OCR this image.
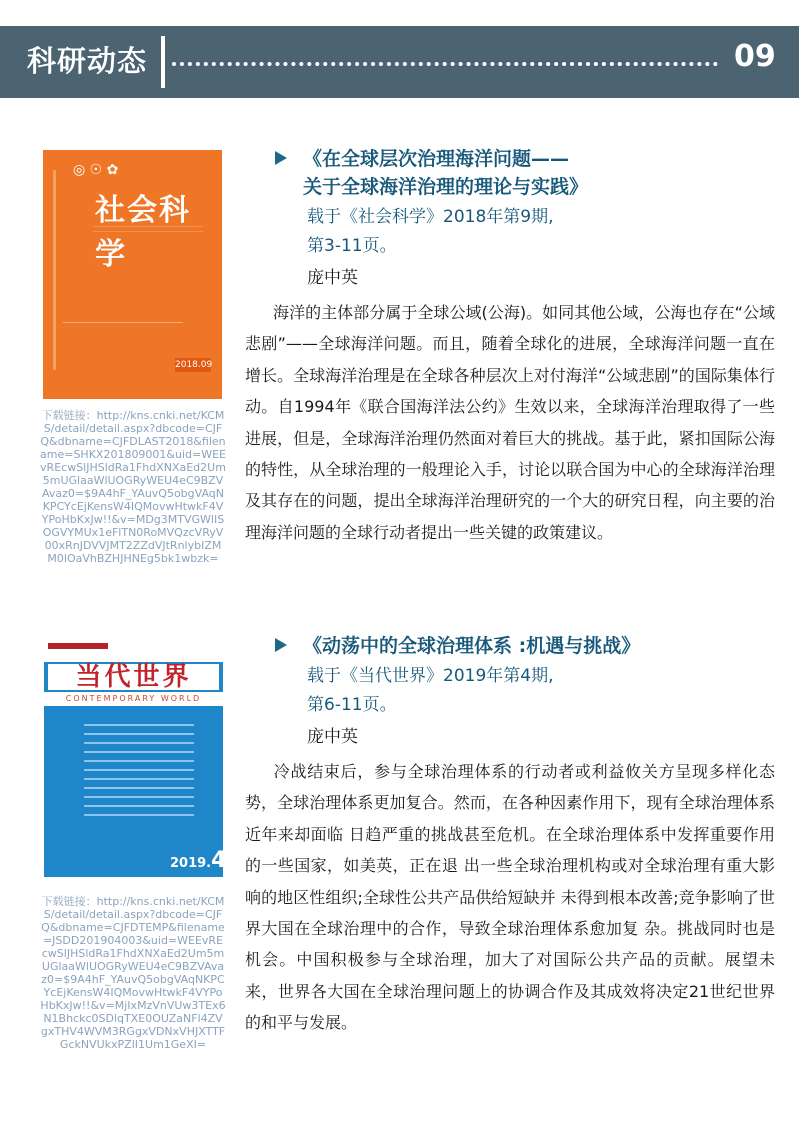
科研动态	09
◎ ☉ ✿
社会科学
2018.09
下载链接：http://kns.cnki.net/KCMS/detail/detail.aspx?dbcode=CJFQ&dbname=CJFDLAST2018&filename=SHKX201809001&uid=WEEvREcwSlJHSldRa1FhdXNXaEd2Um5mUGlaaWlUOGRyWEU4eC9BZVAvaz0=$9A4hF_YAuvQ5obgVAqNKPCYcEjKensW4IQMovwHtwkF4VYPoHbKxJw!!&v=MDg3MTVGWlISOGVYMUx1eFlTN0RoMVQzcVRyV00xRnJDVVJMT2ZZdVJtRnlybIZMM0lOaVhBZHJHNEg5bk1wbzk=
《在全球层次治理海洋问题——
关于全球海洋治理的理论与实践》
载于《社会科学》2018年第9期,
第3-11页。
庞中英
海洋的主体部分属于全球公域(公海)。如同其他公域，公海也存在“公域悲剧”——全球海洋问题。而且，随着全球化的进展，全球海洋问题一直在增长。全球海洋治理是在全球各种层次上对付海洋“公域悲剧”的国际集体行动。自1994年《联合国海洋法公约》生效以来，全球海洋治理取得了一些进展，但是，全球海洋治理仍然面对着巨大的挑战。基于此，紧扣国际公海的特性，从全球治理的一般理论入手，讨论以联合国为中心的全球海洋治理及其存在的问题，提出全球海洋治理研究的一个大的研究日程，向主要的治理海洋问题的全球行动者提出一些关键的政策建议。
当代世界
CONTEMPORARY WORLD
2019.4
下载链接：http://kns.cnki.net/KCMS/detail/detail.aspx?dbcode=CJFQ&dbname=CJFDTEMP&filename=JSDD201904003&uid=WEEvREcwSlJHSldRa1FhdXNXaEd2Um5mUGlaaWlUOGRyWEU4eC9BZVAvaz0=$9A4hF_YAuvQ5obgVAqNKPCYcEjKensW4IQMovwHtwkF4VYPoHbKxJw!!&v=MjIxMzVnVUw3TEx6N1Bhckc0SDlqTXE0OUZaNFl4ZVgxTHV4WVM3RGgxVDNxVHJXTTFGckNVUkxPZlI1Um1GeXI=
《动荡中的全球治理体系 :机遇与挑战》
载于《当代世界》2019年第4期,
第6-11页。
庞中英
冷战结束后，参与全球治理体系的行动者或利益攸关方呈现多样化态 势，全球治理体系更加复合。然而，在各种因素作用下，现有全球治理体系近年来却面临 日趋严重的挑战甚至危机。在全球治理体系中发挥重要作用的一些国家，如美英，正在退 出一些全球治理机构或对全球治理有重大影响的地区性组织;全球性公共产品供给短缺并 未得到根本改善;竞争影响了世界大国在全球治理中的合作，导致全球治理体系愈加复 杂。挑战同时也是机会。中国积极参与全球治理，加大了对国际公共产品的贡献。展望未 来，世界各大国在全球治理问题上的协调合作及其成效将决定21世纪世界的和平与发展。
